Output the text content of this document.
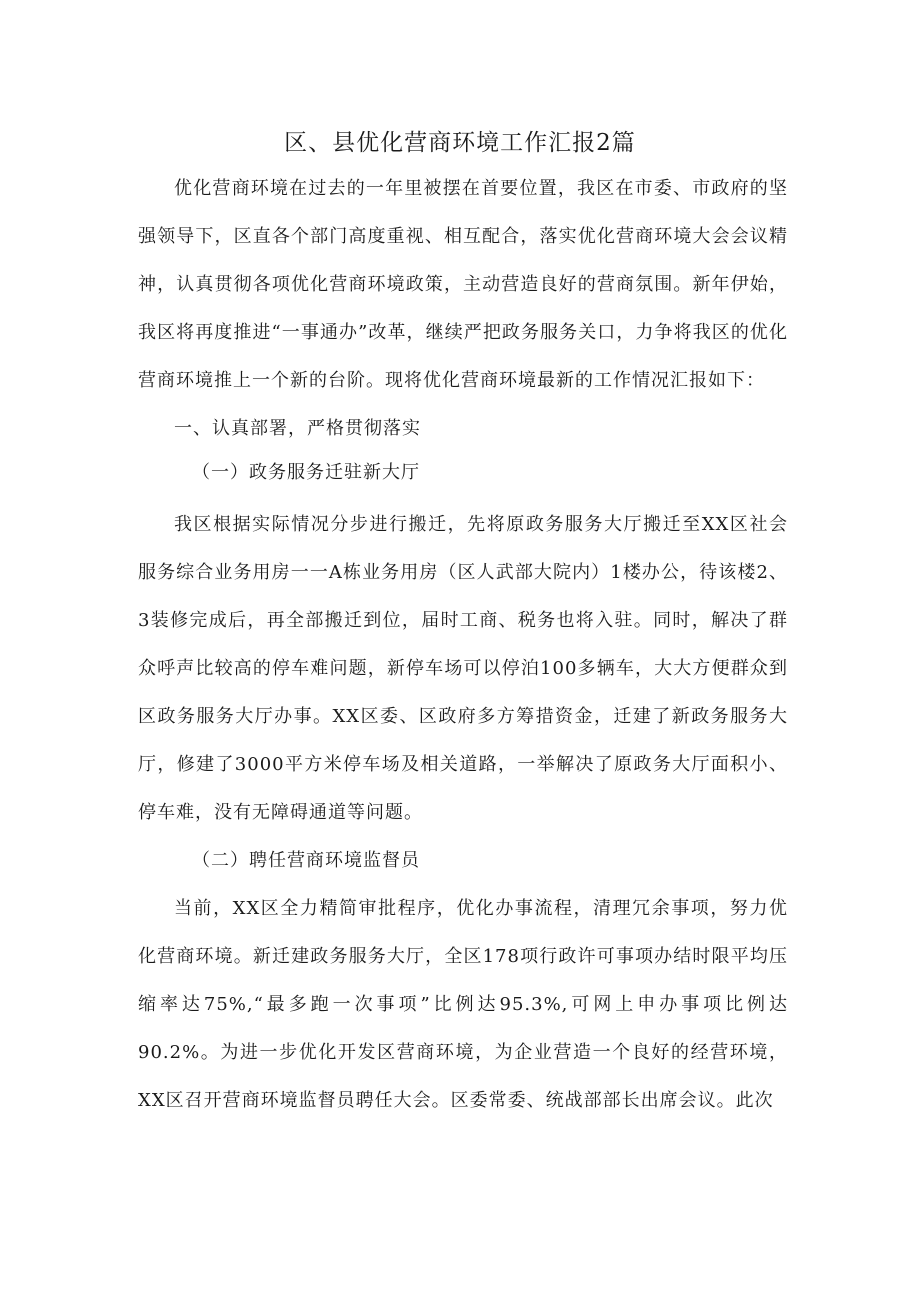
区、县优化营商环境工作汇报2篇

优化营商环境在过去的一年里被摆在首要位置，我区在市委、市政府的坚强领导下，区直各个部门高度重视、相互配合，落实优化营商环境大会会议精神，认真贯彻各项优化营商环境政策，主动营造良好的营商氛围。新年伊始，我区将再度推进“一事通办”改革，继续严把政务服务关口，力争将我区的优化营商环境推上一个新的台阶。现将优化营商环境最新的工作情况汇报如下：

一、认真部署，严格贯彻落实

（一）政务服务迁驻新大厅

我区根据实际情况分步进行搬迁，先将原政务服务大厅搬迁至XX区社会服务综合业务用房一一A栋业务用房（区人武部大院内）1楼办公，待该楼2、3装修完成后，再全部搬迁到位，届时工商、税务也将入驻。同时，解决了群众呼声比较高的停车难问题，新停车场可以停泊100多辆车，大大方便群众到区政务服务大厅办事。XX区委、区政府多方筹措资金，迁建了新政务服务大厅，修建了3000平方米停车场及相关道路，一举解决了原政务大厅面积小、停车难，没有无障碍通道等问题。

（二）聘任营商环境监督员

当前，XX区全力精简审批程序，优化办事流程，清理冗余事项，努力优化营商环境。新迁建政务服务大厅，全区178项行政许可事项办结时限平均压缩率达75%,“最多跑一次事项”比例达95.3%,可网上申办事项比例达90.2%。为进一步优化开发区营商环境，为企业营造一个良好的经营环境，XX区召开营商环境监督员聘任大会。区委常委、统战部部长出席会议。此次
